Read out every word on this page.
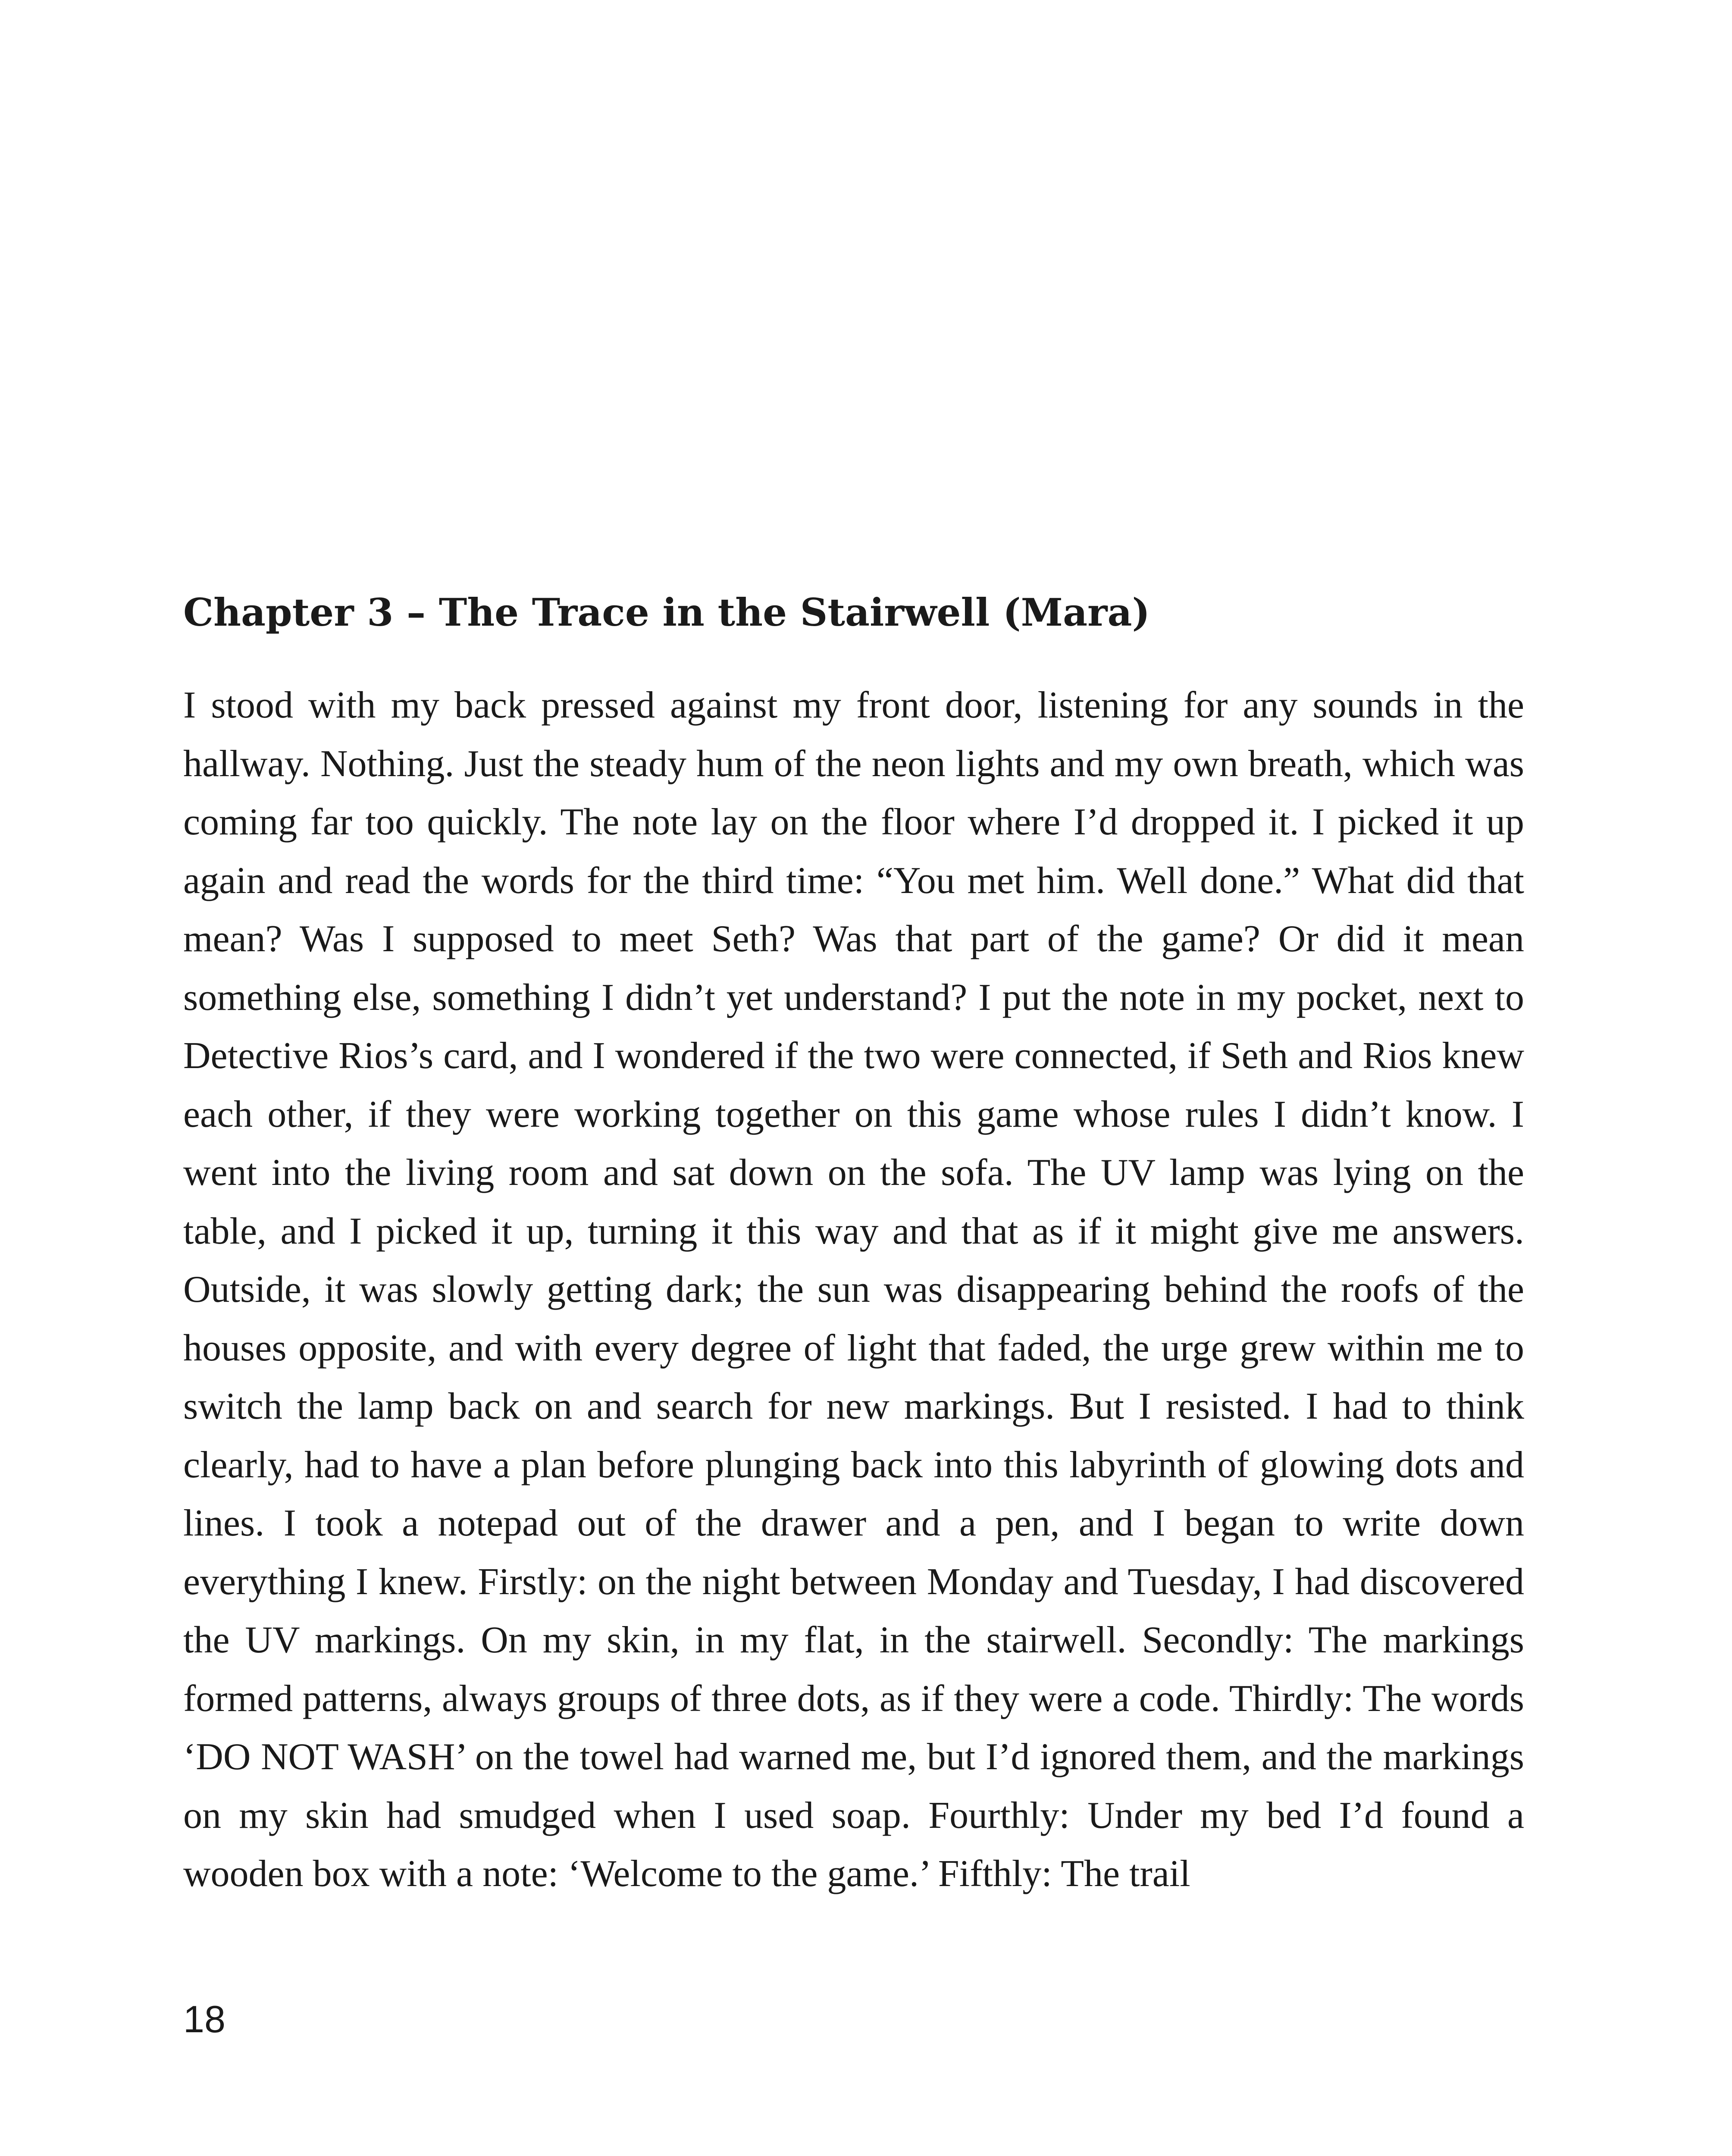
Chapter 3 – The Trace in the Stairwell (Mara)

I stood with my back pressed against my front door, listening for any sounds in the hallway. Nothing. Just the steady hum of the neon lights and my own breath, which was coming far too quickly. The note lay on the floor where I’d dropped it. I picked it up again and read the words for the third time: “You met him. Well done.” What did that mean? Was I supposed to meet Seth? Was that part of the game? Or did it mean something else, something I didn’t yet understand? I put the note in my pocket, next to Detective Rios’s card, and I wondered if the two were connected, if Seth and Rios knew each other, if they were working together on this game whose rules I didn’t know. I went into the living room and sat down on the sofa. The UV lamp was lying on the table, and I picked it up, turning it this way and that as if it might give me answers. Outside, it was slowly getting dark; the sun was disappearing behind the roofs of the houses opposite, and with every degree of light that faded, the urge grew within me to switch the lamp back on and search for new markings. But I resisted. I had to think clearly, had to have a plan before plunging back into this labyrinth of glowing dots and lines. I took a notepad out of the drawer and a pen, and I began to write down everything I knew. Firstly: on the night between Monday and Tuesday, I had discovered the UV markings. On my skin, in my flat, in the stairwell. Secondly: The markings formed patterns, always groups of three dots, as if they were a code. Thirdly: The words ‘DO NOT WASH’ on the towel had warned me, but I’d ignored them, and the markings on my skin had smudged when I used soap. Fourthly: Under my bed I’d found a wooden box with a note: ‘Welcome to the game.’ Fifthly: The trail

18
